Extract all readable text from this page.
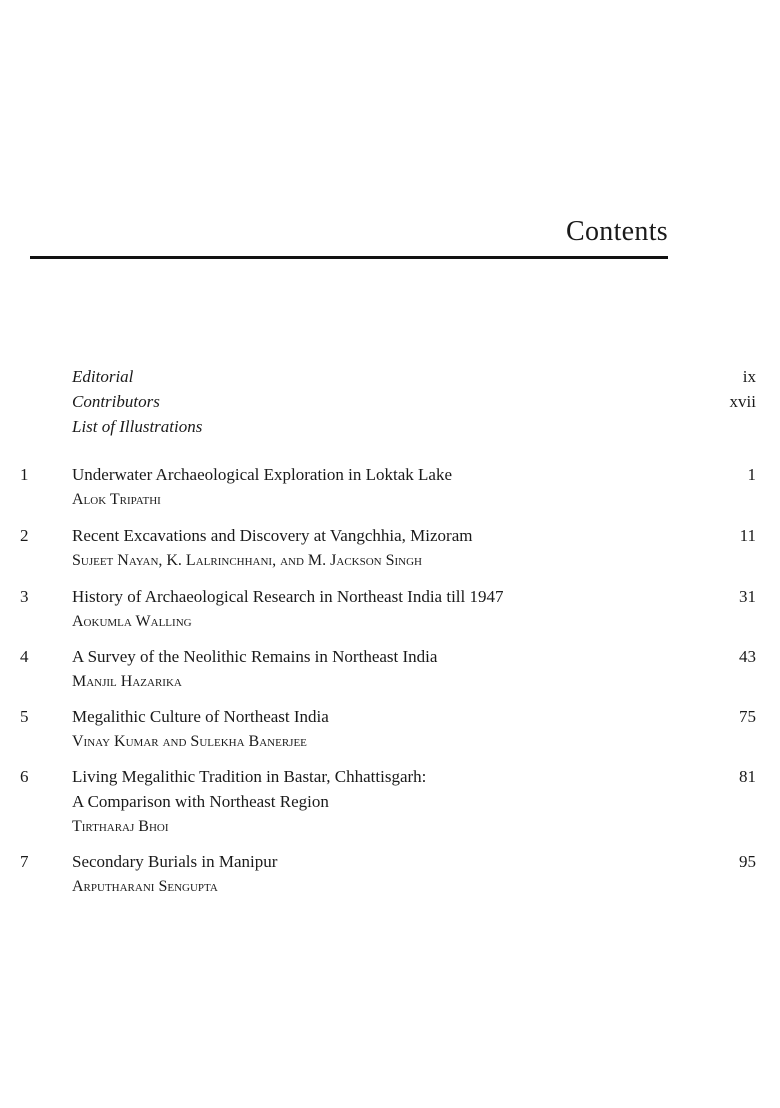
Contents
Editorial	ix
Contributors	xvii
List of Illustrations
1	Underwater Archaeological Exploration in Loktak Lake	1
Alok Tripathi
2	Recent Excavations and Discovery at Vangchhia, Mizoram	11
Sujeet Nayan, K. Lalrinchhani, and M. Jackson Singh
3	History of Archaeological Research in Northeast India till 1947	31
Aokumla Walling
4	A Survey of the Neolithic Remains in Northeast India	43
Manjil Hazarika
5	Megalithic Culture of Northeast India	75
Vinay Kumar and Sulekha Banerjee
6	Living Megalithic Tradition in Bastar, Chhattisgarh:	81
A Comparison with Northeast Region
Tirtharaj Bhoi
7	Secondary Burials in Manipur	95
Arputharani Sengupta
